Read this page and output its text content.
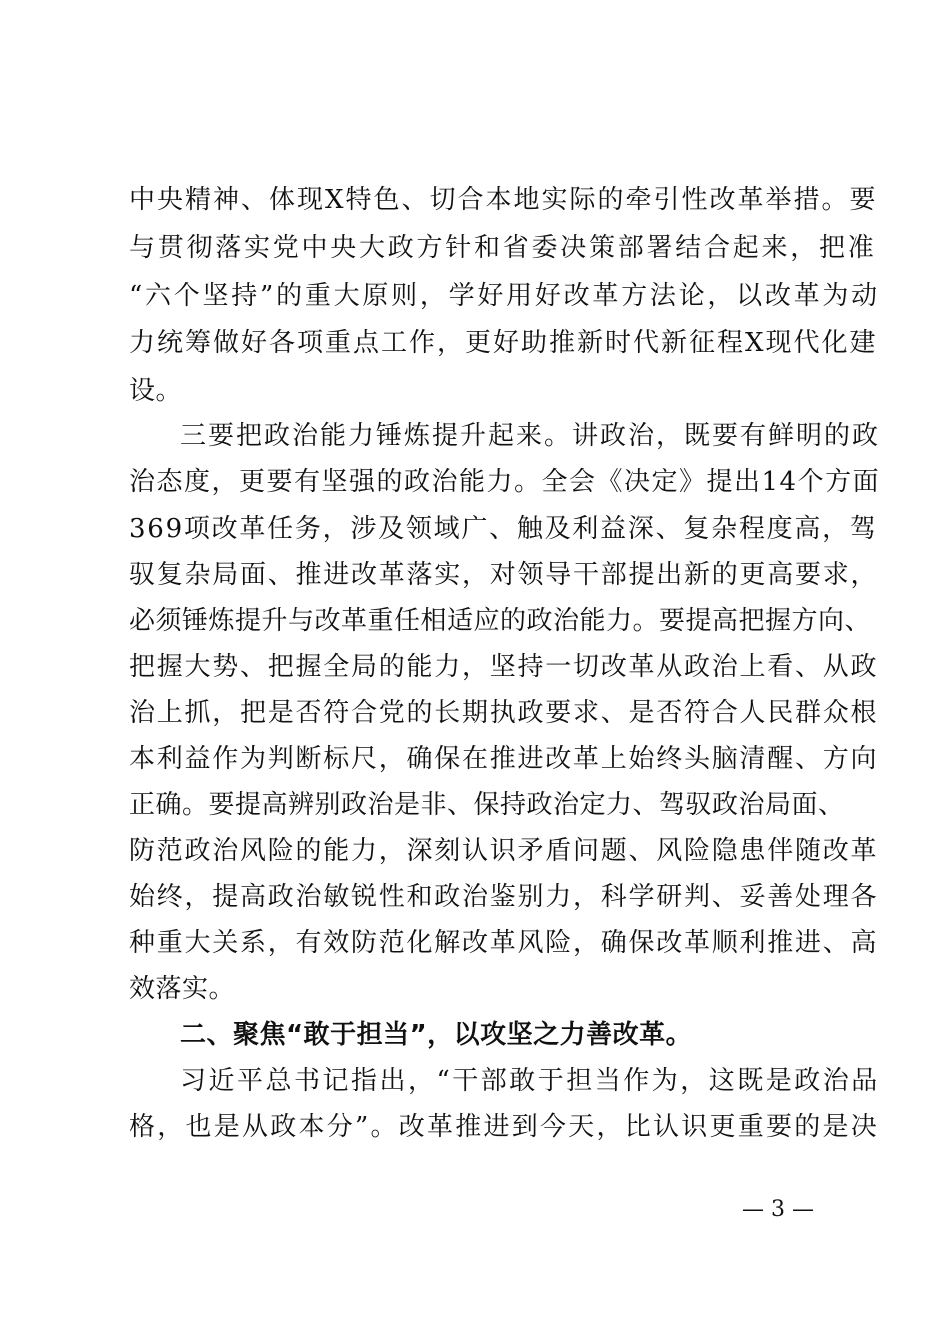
中央精神、体现X特色、切合本地实际的牵引性改革举措。要
与贯彻落实党中央大政方针和省委决策部署结合起来，把准
“六个坚持”的重大原则，学好用好改革方法论，以改革为动
力统筹做好各项重点工作，更好助推新时代新征程X现代化建
设。
三要把政治能力锤炼提升起来。讲政治，既要有鲜明的政
治态度，更要有坚强的政治能力。全会《决定》提出14个方面
369项改革任务，涉及领域广、触及利益深、复杂程度高，驾
驭复杂局面、推进改革落实，对领导干部提出新的更高要求，
必须锤炼提升与改革重任相适应的政治能力。要提高把握方向、
把握大势、把握全局的能力，坚持一切改革从政治上看、从政
治上抓，把是否符合党的长期执政要求、是否符合人民群众根
本利益作为判断标尺，确保在推进改革上始终头脑清醒、方向
正确。要提高辨别政治是非、保持政治定力、驾驭政治局面、
防范政治风险的能力，深刻认识矛盾问题、风险隐患伴随改革
始终，提高政治敏锐性和政治鉴别力，科学研判、妥善处理各
种重大关系，有效防范化解改革风险，确保改革顺利推进、高
效落实。
二、聚焦“敢于担当”，以攻坚之力善改革。
习近平总书记指出，“干部敢于担当作为，这既是政治品
格，也是从政本分”。改革推进到今天，比认识更重要的是决
— 3 —
